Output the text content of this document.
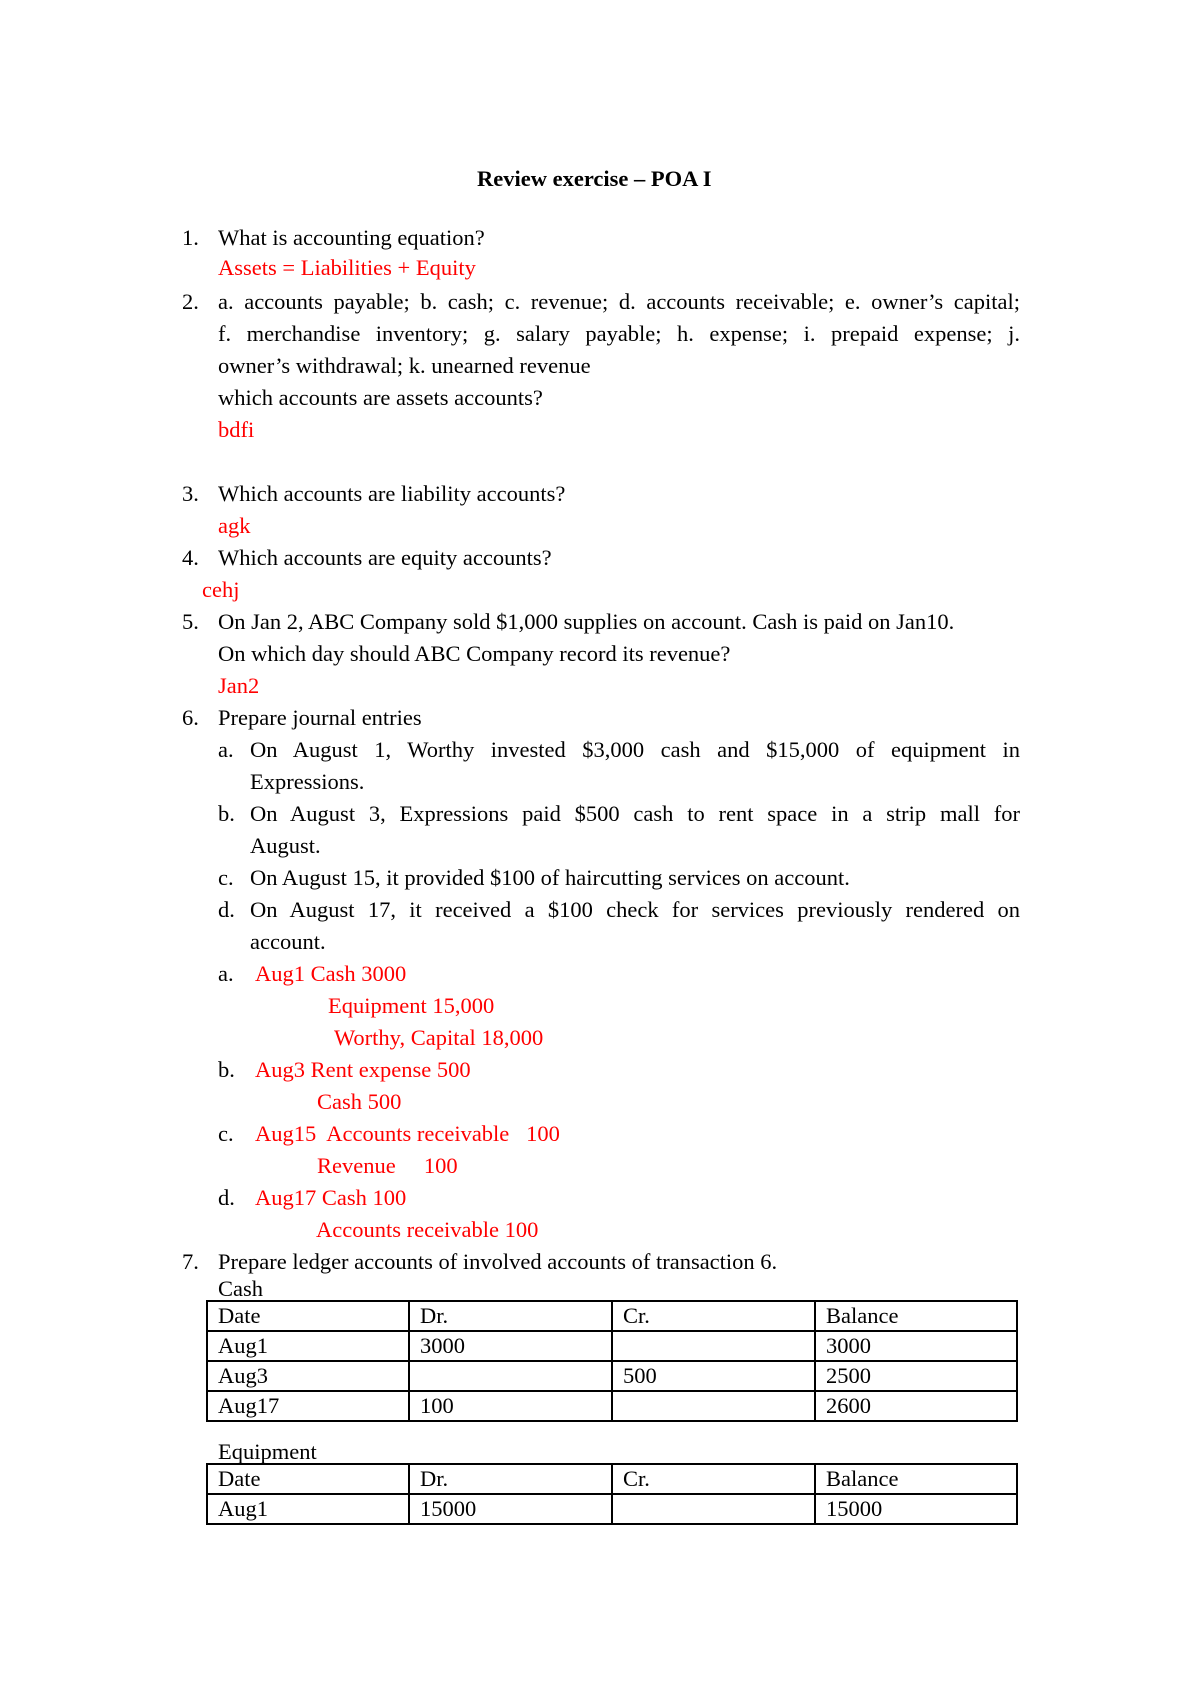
Review exercise – POA I
1. What is accounting equation?
Assets = Liabilities + Equity
2. a. accounts payable; b. cash; c. revenue; d. accounts receivable; e. owner’s capital;
f. merchandise inventory; g. salary payable; h. expense; i. prepaid expense; j.
owner’s withdrawal; k. unearned revenue
which accounts are assets accounts?
bdfi
3. Which accounts are liability accounts?
agk
4. Which accounts are equity accounts?
cehj
5. On Jan 2, ABC Company sold $1,000 supplies on account. Cash is paid on Jan10.
On which day should ABC Company record its revenue?
Jan2
6. Prepare journal entries
a. On August 1, Worthy invested $3,000 cash and $15,000 of equipment in
Expressions.
b. On August 3, Expressions paid $500 cash to rent space in a strip mall for
August.
c. On August 15, it provided $100 of haircutting services on account.
d. On August 17, it received a $100 check for services previously rendered on
account.
a. Aug1 Cash 3000
Equipment 15,000
Worthy, Capital 18,000
b. Aug3 Rent expense 500
Cash 500
c. Aug15  Accounts receivable   100
Revenue     100
d. Aug17 Cash 100
Accounts receivable 100
7. Prepare ledger accounts of involved accounts of transaction 6.
Cash
Date	Dr.	Cr.	Balance
Aug1	3000		3000
Aug3		500	2500
Aug17	100		2600
Equipment
Date	Dr.	Cr.	Balance
Aug1	15000		15000
